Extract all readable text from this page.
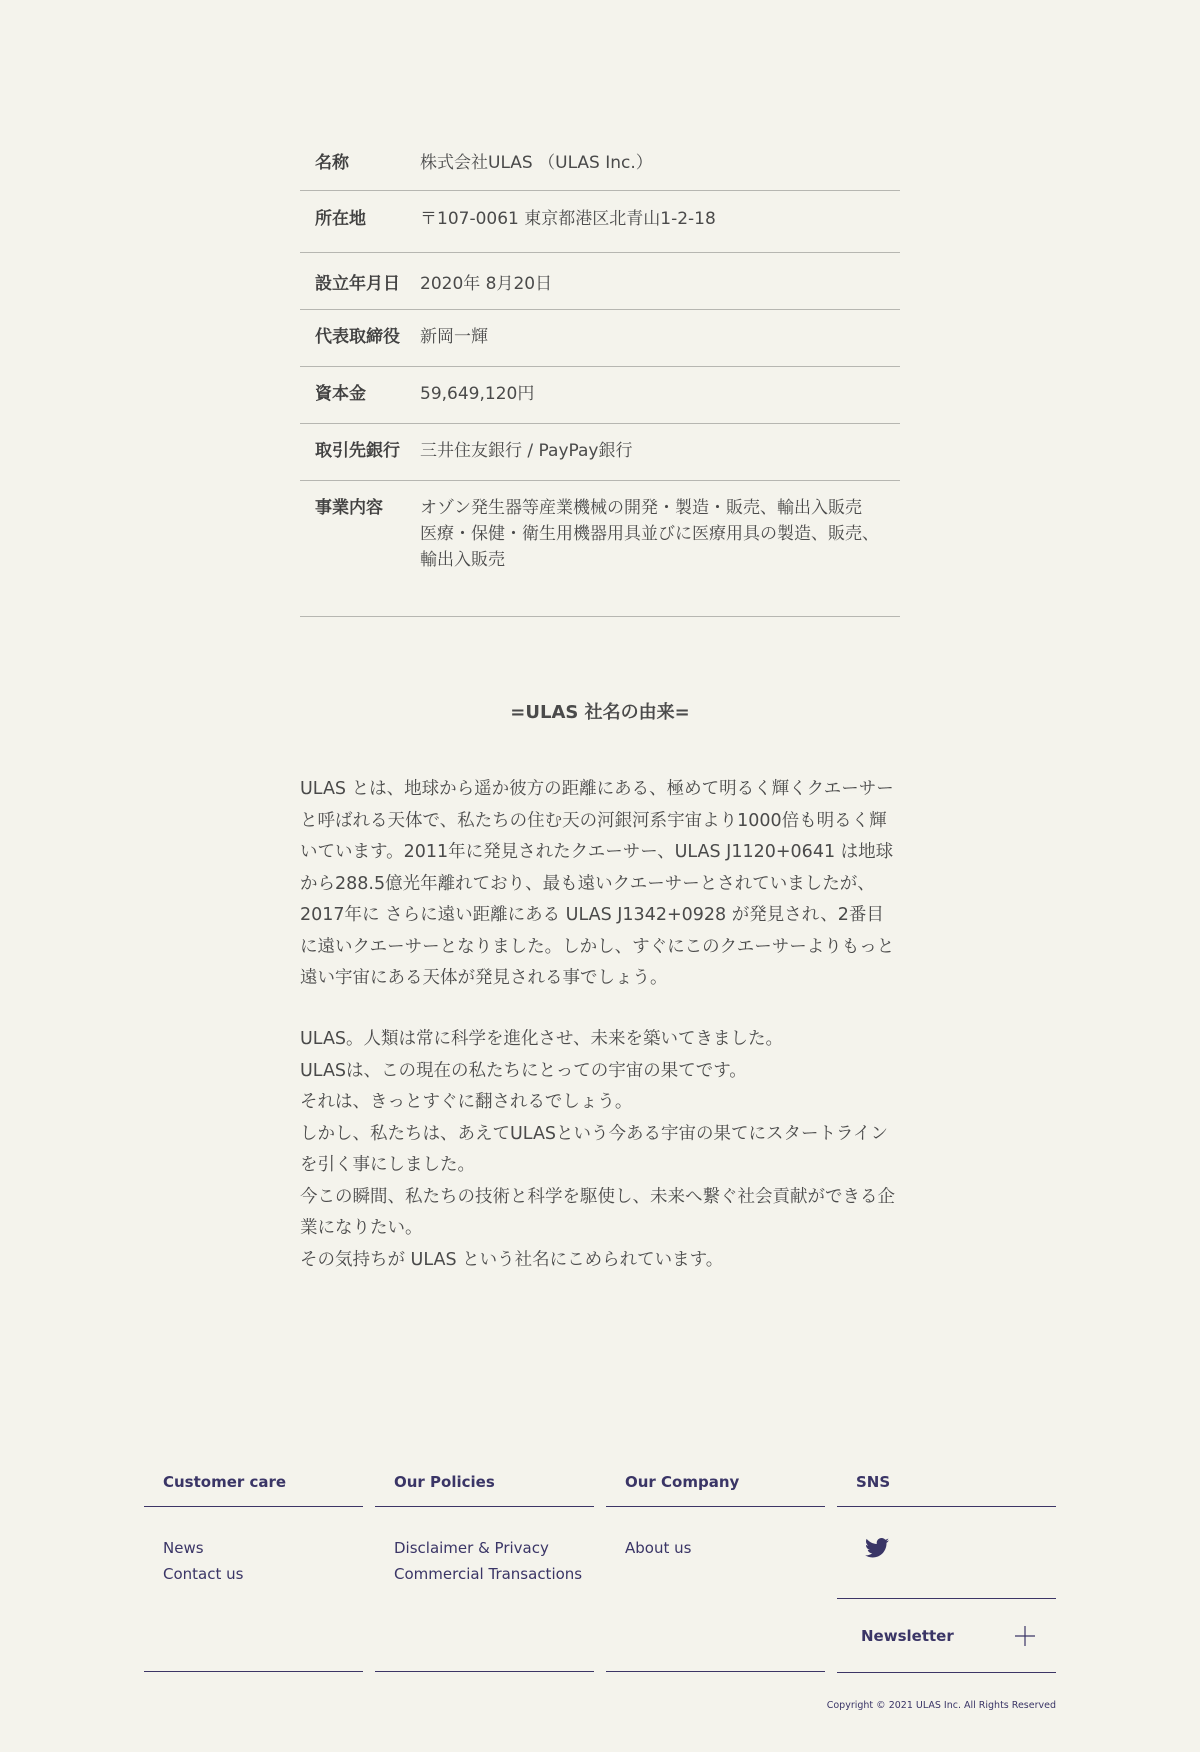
名称	株式会社ULAS （ULAS Inc.）

所在地	〒107-0061 東京都港区北青山1-2-18

設立年月日	2020年 8月20日

代表取締役	新岡一輝

資本金	59,649,120円

取引先銀行	三井住友銀行 / PayPay銀行

事業内容	オゾン発生器等産業機械の開発・製造・販売、輸出入販売
医療・保健・衛生用機器用具並びに医療用具の製造、販売、輸出入販売
=ULAS 社名の由来=

ULAS とは、地球から遥か彼方の距離にある、極めて明るく輝くクエーサーと呼ばれる天体で、私たちの住む天の河銀河系宇宙より1000倍も明るく輝いています。2011年に発見されたクエーサー、ULAS J1120+0641 は地球から288.5億光年離れており、最も遠いクエーサーとされていましたが、2017年に さらに遠い距離にある ULAS J1342+0928 が発見され、2番目に遠いクエーサーとなりました。しかし、すぐにこのクエーサーよりもっと遠い宇宙にある天体が発見される事でしょう。

ULAS。人類は常に科学を進化させ、未来を築いてきました。
ULASは、この現在の私たちにとっての宇宙の果てです。
それは、きっとすぐに翻されるでしょう。
しかし、私たちは、あえてULASという今ある宇宙の果てにスタートラインを引く事にしました。
今この瞬間、私たちの技術と科学を駆使し、未来へ繋ぐ社会貢献ができる企業になりたい。
その気持ちが ULAS という社名にこめられています。

Customer care
News
Contact us
Our Policies
Disclaimer & Privacy
Commercial Transactions
Our Company
About us
SNS
Newsletter
Copyright © 2021 ULAS Inc. All Rights Reserved
